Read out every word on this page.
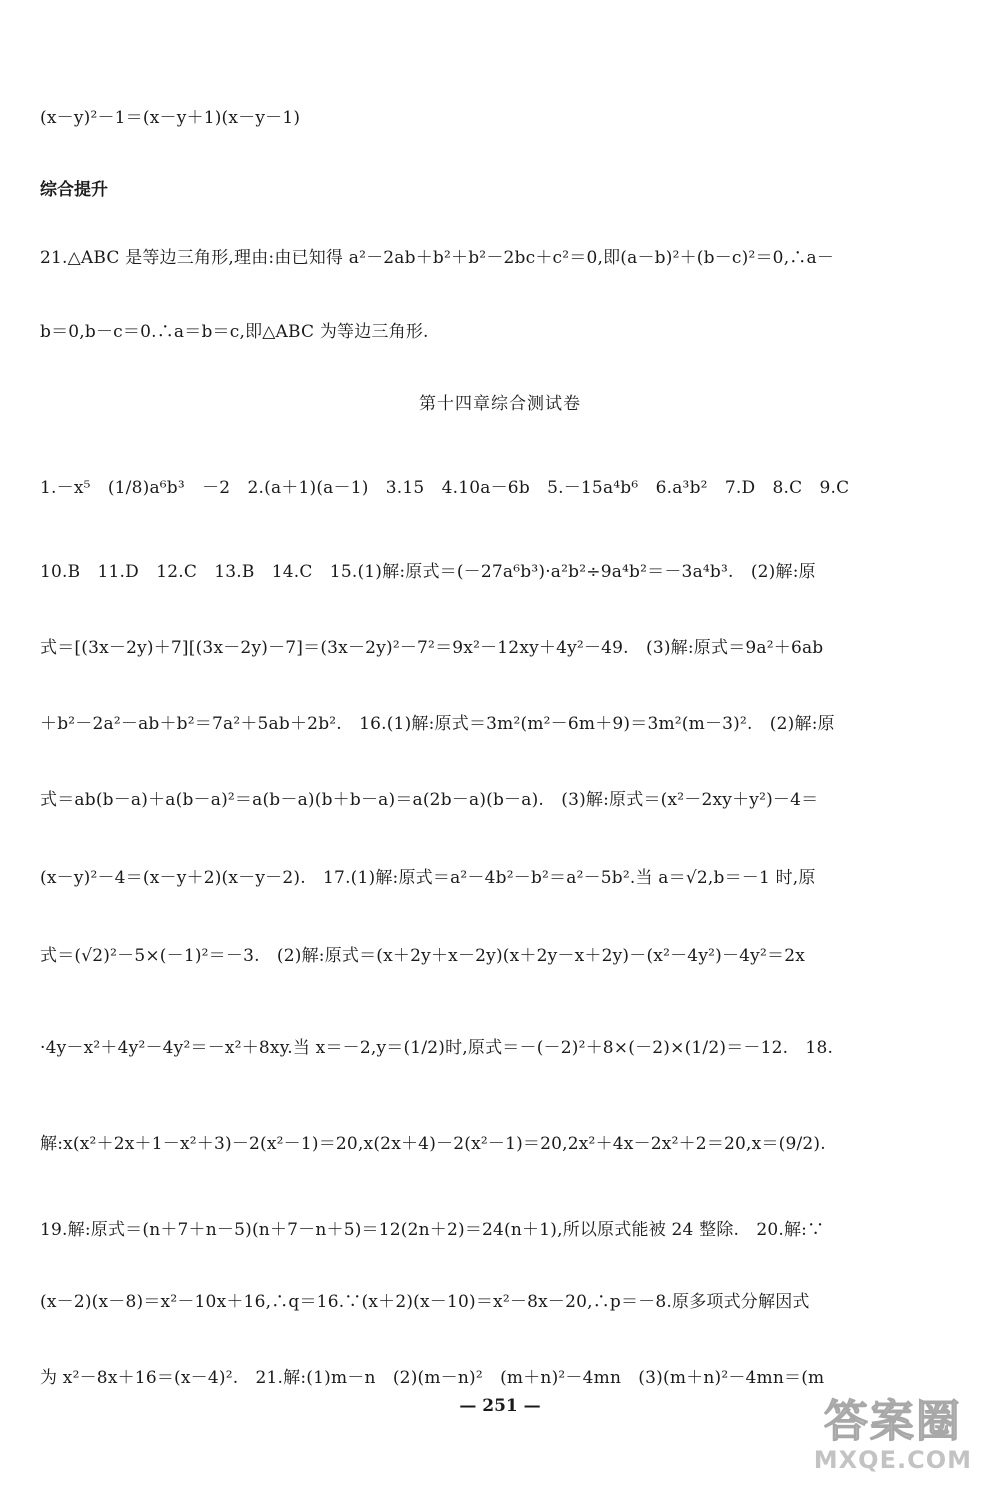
(x－y)²－1＝(x－y＋1)(x－y－1)
综合提升
21.△ABC 是等边三角形,理由:由已知得 a²－2ab＋b²＋b²－2bc＋c²＝0,即(a－b)²＋(b－c)²＝0,∴a－
b＝0,b－c＝0.∴a＝b＝c,即△ABC 为等边三角形.
第十四章综合测试卷
1.－x⁵　(1/8)a⁶b³　－2　2.(a＋1)(a－1)　3.15　4.10a－6b　5.－15a⁴b⁶　6.a³b²　7.D　8.C　9.C
10.B　11.D　12.C　13.B　14.C　15.(1)解:原式＝(－27a⁶b³)·a²b²÷9a⁴b²＝－3a⁴b³.　(2)解:原
式＝[(3x－2y)＋7][(3x－2y)－7]＝(3x－2y)²－7²＝9x²－12xy＋4y²－49.　(3)解:原式＝9a²＋6ab
＋b²－2a²－ab＋b²＝7a²＋5ab＋2b².　16.(1)解:原式＝3m²(m²－6m＋9)＝3m²(m－3)².　(2)解:原
式＝ab(b－a)＋a(b－a)²＝a(b－a)(b＋b－a)＝a(2b－a)(b－a).　(3)解:原式＝(x²－2xy＋y²)－4＝
(x－y)²－4＝(x－y＋2)(x－y－2).　17.(1)解:原式＝a²－4b²－b²＝a²－5b².当 a＝√2,b＝－1 时,原
式＝(√2)²－5×(－1)²＝－3.　(2)解:原式＝(x＋2y＋x－2y)(x＋2y－x＋2y)－(x²－4y²)－4y²＝2x
·4y－x²＋4y²－4y²＝－x²＋8xy.当 x＝－2,y＝(1/2)时,原式＝－(－2)²＋8×(－2)×(1/2)＝－12.　18.
解:x(x²＋2x＋1－x²＋3)－2(x²－1)＝20,x(2x＋4)－2(x²－1)＝20,2x²＋4x－2x²＋2＝20,x＝(9/2).
19.解:原式＝(n＋7＋n－5)(n＋7－n＋5)＝12(2n＋2)＝24(n＋1),所以原式能被 24 整除.　20.解:∵
(x－2)(x－8)＝x²－10x＋16,∴q＝16.∵(x＋2)(x－10)＝x²－8x－20,∴p＝－8.原多项式分解因式
为 x²－8x＋16＝(x－4)².　21.解:(1)m－n　(2)(m－n)²　(m＋n)²－4mn　(3)(m＋n)²－4mn＝(m
— 251 —	答案圈
MXQE.COM
